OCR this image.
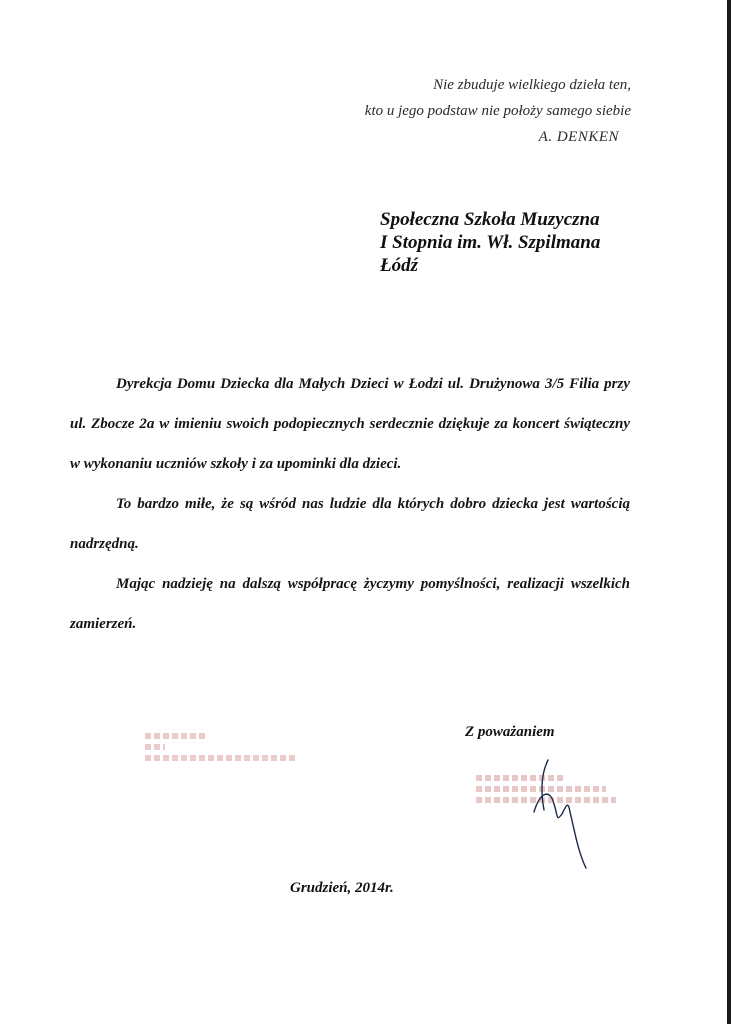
Nie zbuduje wielkiego dzieła ten,
kto u jego podstaw nie położy samego siebie
A. DENKEN
Społeczna Szkoła Muzyczna
I Stopnia im. Wł. Szpilmana
Łódź

Dyrekcja Domu Dziecka dla Małych Dzieci w Łodzi ul. Drużynowa 3/5 Filia przy ul. Zbocze 2a w imieniu swoich podopiecznych serdecznie dziękuje za koncert świąteczny w wykonaniu uczniów szkoły i za upominki dla dzieci.

To bardzo miłe, że są wśród nas ludzie dla których dobro dziecka jest wartością nadrzędną.

Mając nadzieję na dalszą współpracę życzymy pomyślności, realizacji wszelkich zamierzeń.

Z poważaniem
Grudzień, 2014r.
